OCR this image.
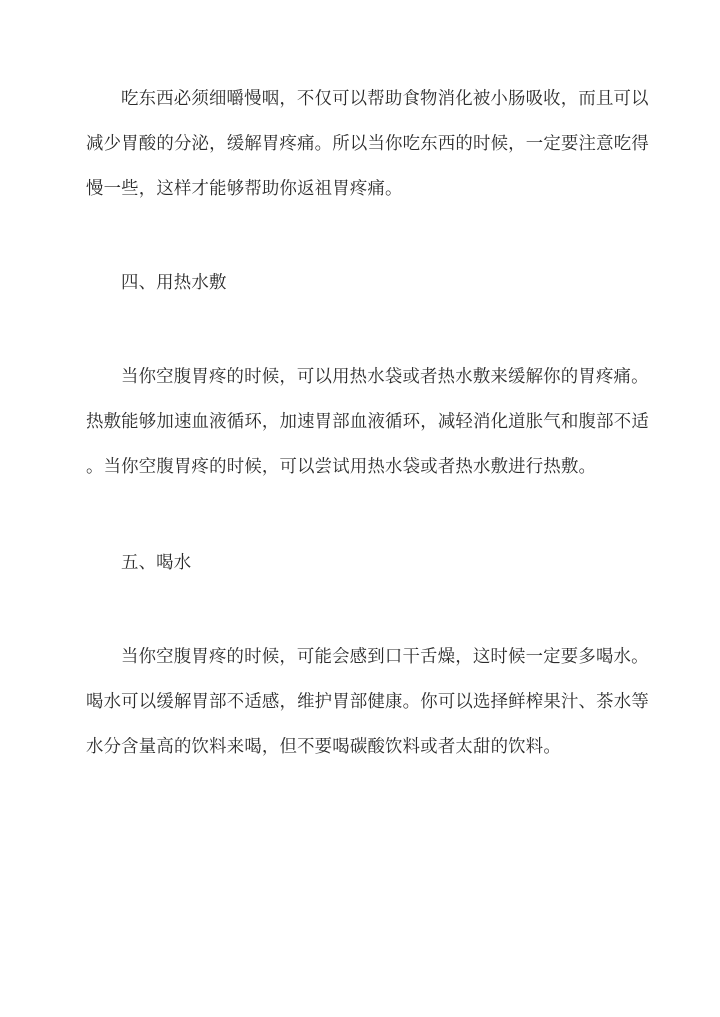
吃东西必须细嚼慢咽，不仅可以帮助食物消化被小肠吸收，而且可以
减少胃酸的分泌，缓解胃疼痛。所以当你吃东西的时候，一定要注意吃得
慢一些，这样才能够帮助你返祖胃疼痛。
四、用热水敷
当你空腹胃疼的时候，可以用热水袋或者热水敷来缓解你的胃疼痛。
热敷能够加速血液循环，加速胃部血液循环，减轻消化道胀气和腹部不适
。当你空腹胃疼的时候，可以尝试用热水袋或者热水敷进行热敷。
五、喝水
当你空腹胃疼的时候，可能会感到口干舌燥，这时候一定要多喝水。
喝水可以缓解胃部不适感，维护胃部健康。你可以选择鲜榨果汁、茶水等
水分含量高的饮料来喝，但不要喝碳酸饮料或者太甜的饮料。
